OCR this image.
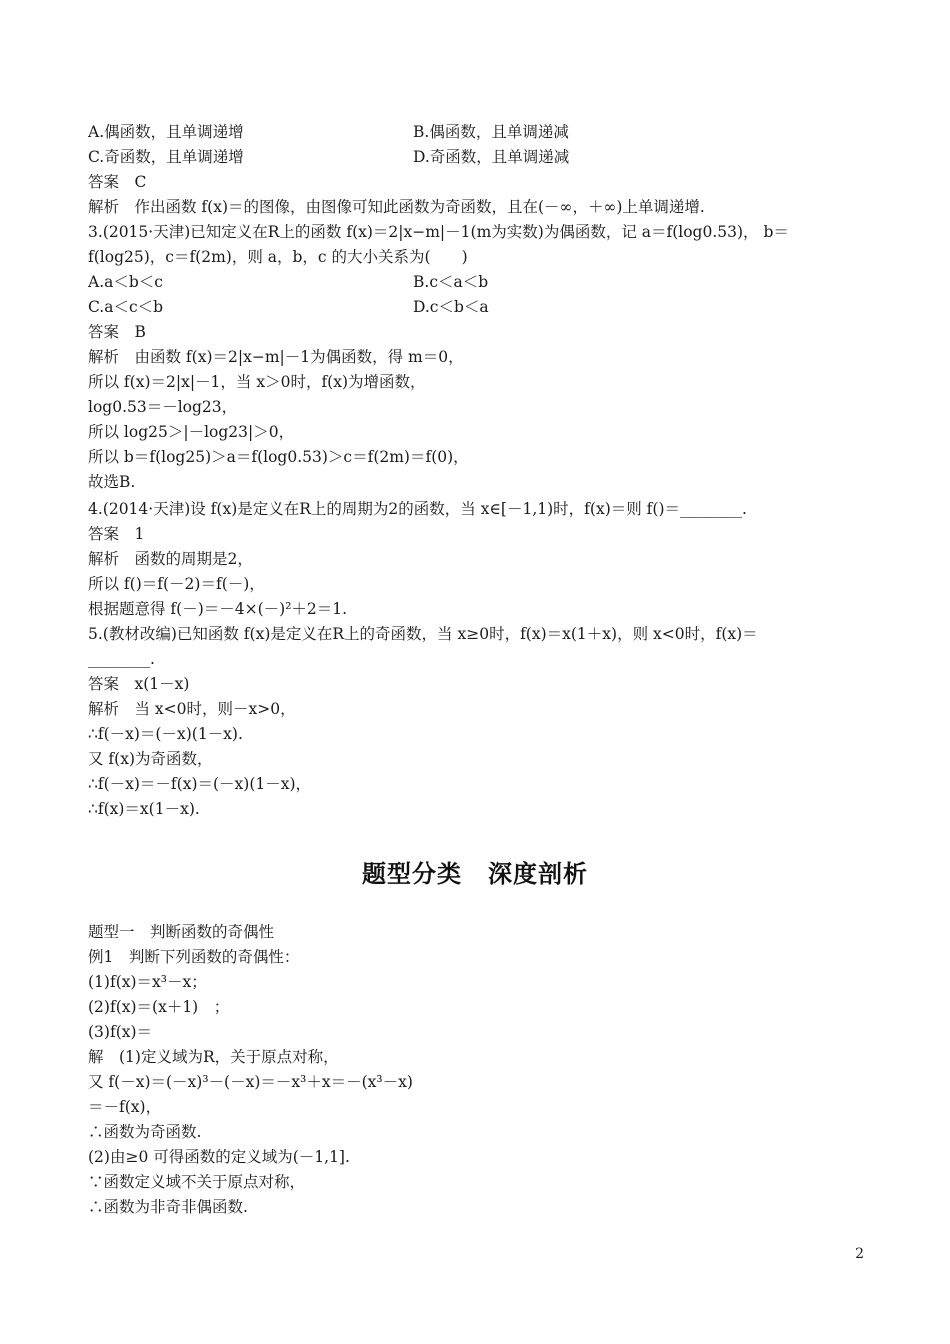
A.偶函数，且单调递增	B.偶函数，且单调递减
C.奇函数，且单调递增	D.奇函数，且单调递减
答案　C
解析　作出函数 f(x)＝的图像，由图像可知此函数为奇函数，且在(－∞，＋∞)上单调递增.
3.(2015·天津)已知定义在R上的函数 f(x)＝2|x−m|－1(m为实数)为偶函数，记 a＝f(log0.53)， b＝
f(log25)，c＝f(2m)，则 a，b，c 的大小关系为(　　)
A.a＜b＜c	B.c＜a＜b
C.a＜c＜b	D.c＜b＜a
答案　B
解析　由函数 f(x)＝2|x−m|－1为偶函数，得 m＝0，
所以 f(x)＝2|x|－1，当 x＞0时，f(x)为增函数，
log0.53＝－log23，
所以 log25＞|－log23|＞0，
所以 b＝f(log25)＞a＝f(log0.53)＞c＝f(2m)＝f(0)，
故选B.
4.(2014·天津)设 f(x)是定义在R上的周期为2的函数，当 x∈[－1,1)时，f(x)＝则 f()＝________.
答案　1
解析　函数的周期是2，
所以 f()＝f(－2)＝f(－)，
根据题意得 f(－)＝－4×(－)²＋2＝1.
5.(教材改编)已知函数 f(x)是定义在R上的奇函数，当 x≥0时，f(x)＝x(1＋x)，则 x<0时，f(x)＝
________.
答案　x(1－x)
解析　当 x<0时，则－x>0，
∴f(－x)＝(－x)(1－x).
又 f(x)为奇函数，
∴f(－x)＝－f(x)＝(－x)(1－x)，
∴f(x)＝x(1－x).
题型一　判断函数的奇偶性
例1　判断下列函数的奇偶性：
(1)f(x)＝x³－x；
(2)f(x)＝(x＋1)　；
(3)f(x)＝
解　(1)定义域为R，关于原点对称，
又 f(－x)＝(－x)³－(－x)＝－x³＋x＝－(x³－x)
＝－f(x)，
∴函数为奇函数.
(2)由≥0 可得函数的定义域为(－1,1].
∵函数定义域不关于原点对称，
∴函数为非奇非偶函数.
题型分类 深度剖析
2
